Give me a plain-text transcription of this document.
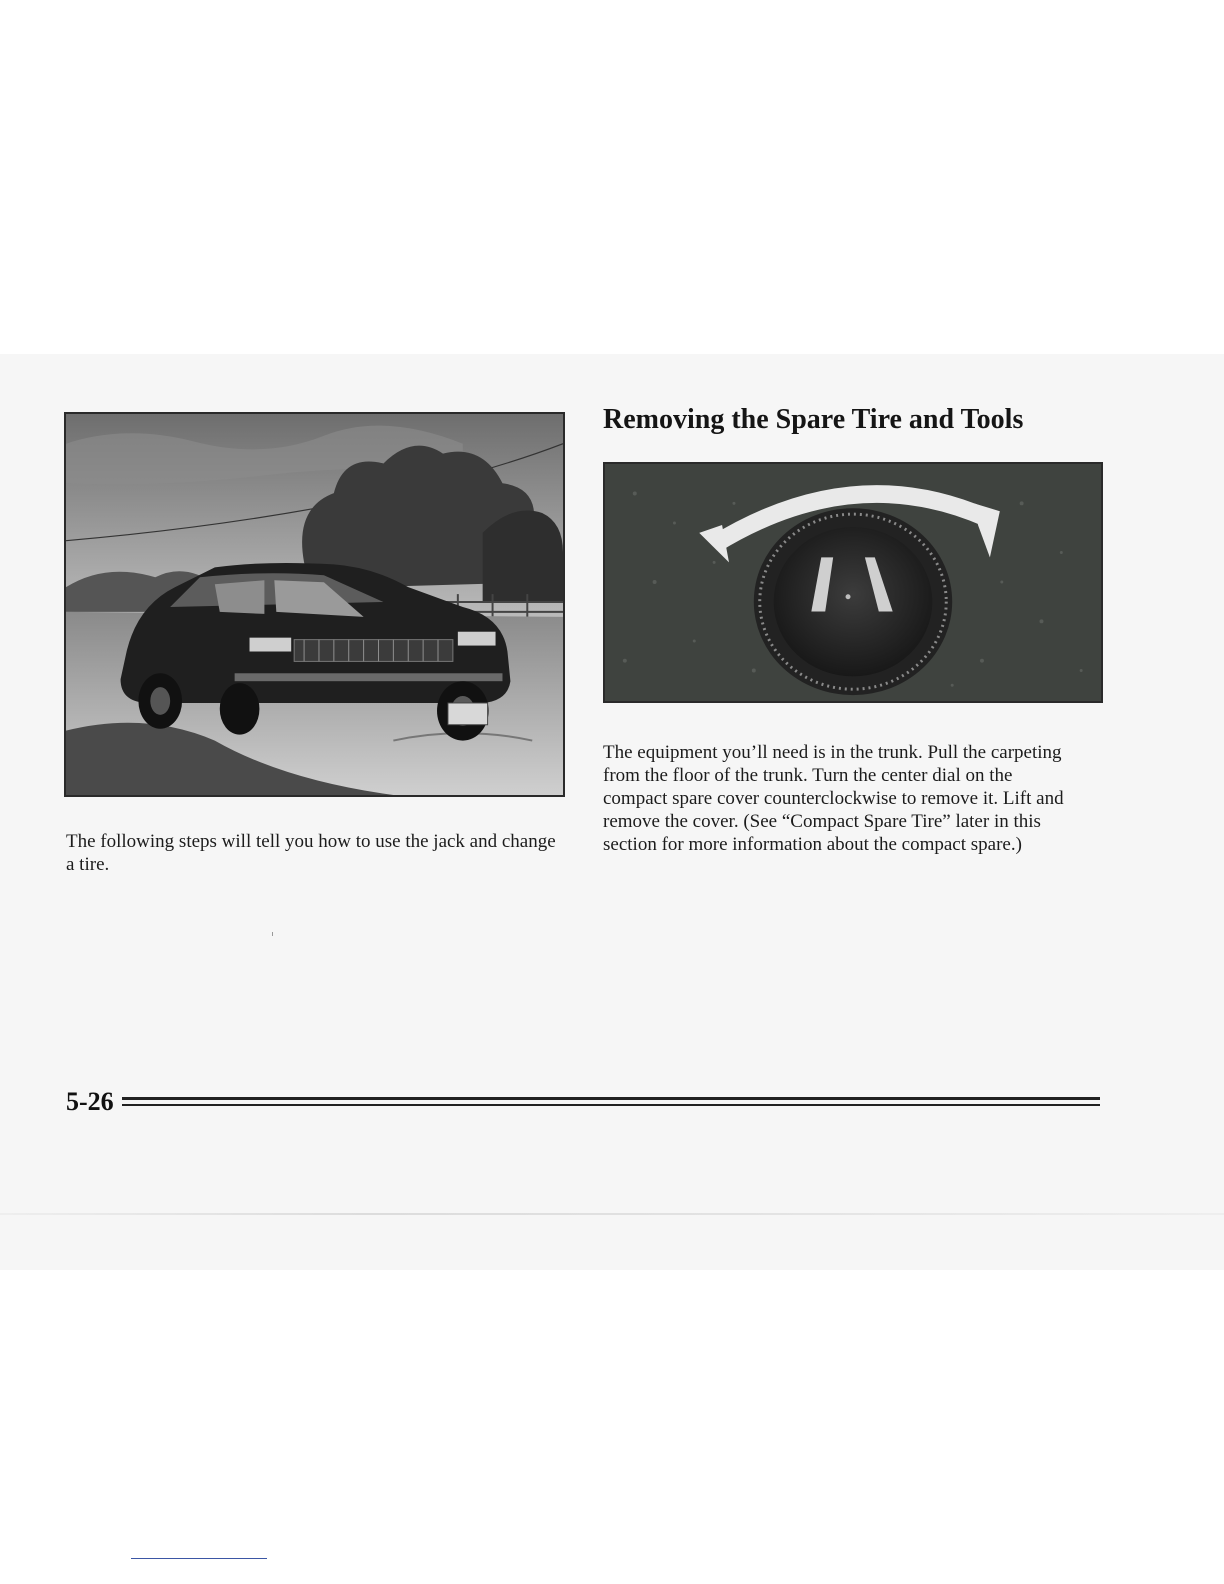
The following steps will tell you how to use the jack and change a tire.

Removing the Spare Tire and Tools

The equipment you’ll need is in the trunk. Pull the carpeting from the floor of the trunk. Turn the center dial on the compact spare cover counterclockwise to remove it. Lift and remove the cover. (See “Compact Spare Tire” later in this section for more information about the compact spare.)

5-26
